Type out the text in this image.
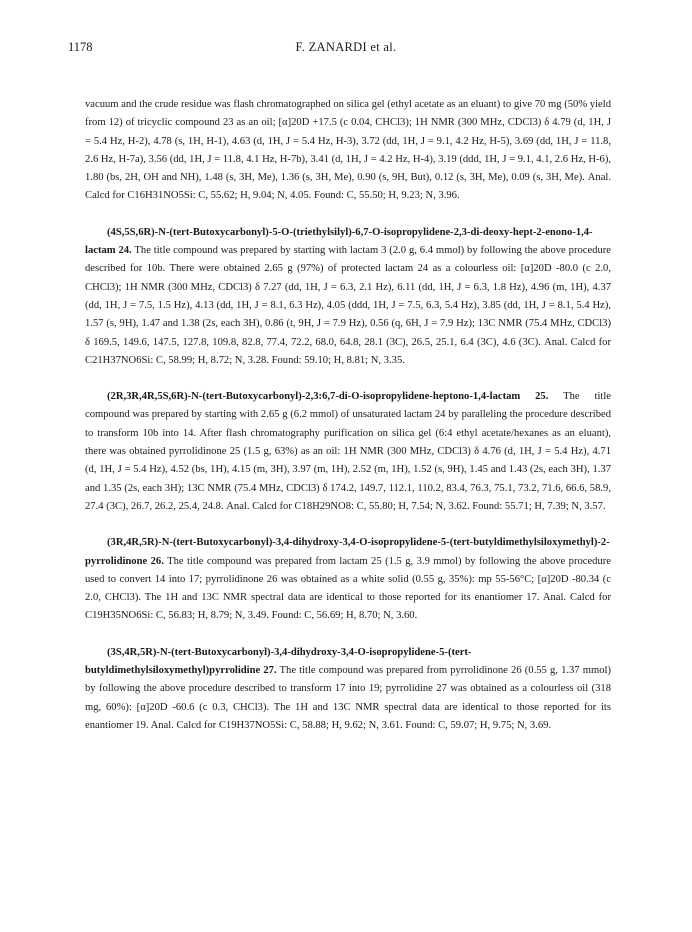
1178	F. ZANARDI et al.

vacuum and the crude residue was flash chromatographed on silica gel (ethyl acetate as an eluant) to give 70 mg (50% yield from 12) of tricyclic compound 23 as an oil; [α]20D +17.5 (c 0.04, CHCl3); 1H NMR (300 MHz, CDCl3) δ 4.79 (d, 1H, J = 5.4 Hz, H-2), 4.78 (s, 1H, H-1), 4.63 (d, 1H, J = 5.4 Hz, H-3), 3.72 (dd, 1H, J = 9.1, 4.2 Hz, H-5), 3.69 (dd, 1H, J = 11.8, 2.6 Hz, H-7a), 3.56 (dd, 1H, J = 11.8, 4.1 Hz, H-7b), 3.41 (d, 1H, J = 4.2 Hz, H-4), 3.19 (ddd, 1H, J = 9.1, 4.1, 2.6 Hz, H-6), 1.80 (bs, 2H, OH and NH), 1.48 (s, 3H, Me), 1.36 (s, 3H, Me), 0.90 (s, 9H, But), 0.12 (s, 3H, Me), 0.09 (s, 3H, Me). Anal. Calcd for C16H31NO5Si: C, 55.62; H, 9.04; N, 4.05. Found: C, 55.50; H, 9.23; N, 3.96.

(4S,5S,6R)-N-(tert-Butoxycarbonyl)-5-O-(triethylsilyl)-6,7-O-isopropylidene-2,3-di-deoxy-hept-2-enono-1,4-lactam 24. The title compound was prepared by starting with lactam 3 (2.0 g, 6.4 mmol) by following the above procedure described for 10b. There were obtained 2.65 g (97%) of protected lactam 24 as a colourless oil: [α]20D -80.0 (c 2.0, CHCl3); 1H NMR (300 MHz, CDCl3) δ 7.27 (dd, 1H, J = 6.3, 2.1 Hz), 6.11 (dd, 1H, J = 6.3, 1.8 Hz), 4.96 (m, 1H), 4.37 (dd, 1H, J = 7.5, 1.5 Hz), 4.13 (dd, 1H, J = 8.1, 6.3 Hz), 4.05 (ddd, 1H, J = 7.5, 6.3, 5.4 Hz), 3.85 (dd, 1H, J = 8.1, 5.4 Hz), 1.57 (s, 9H), 1.47 and 1.38 (2s, each 3H), 0.86 (t, 9H, J = 7.9 Hz), 0.56 (q, 6H, J = 7.9 Hz); 13C NMR (75.4 MHz, CDCl3) δ 169.5, 149.6, 147.5, 127.8, 109.8, 82.8, 77.4, 72.2, 68.0, 64.8, 28.1 (3C), 26.5, 25.1, 6.4 (3C), 4.6 (3C). Anal. Calcd for C21H37NO6Si: C, 58.99; H, 8.72; N, 3.28. Found: 59.10; H, 8.81; N, 3.35.

(2R,3R,4R,5S,6R)-N-(tert-Butoxycarbonyl)-2,3:6,7-di-O-isopropylidene-heptono-1,4-lactam 25. The title compound was prepared by starting with 2.65 g (6.2 mmol) of unsaturated lactam 24 by paralleling the procedure described to transform 10b into 14. After flash chromatography purification on silica gel (6:4 ethyl acetate/hexanes as an eluant), there was obtained pyrrolidinone 25 (1.5 g, 63%) as an oil: 1H NMR (300 MHz, CDCl3) δ 4.76 (d, 1H, J = 5.4 Hz), 4.71 (d, 1H, J = 5.4 Hz), 4.52 (bs, 1H), 4.15 (m, 3H), 3.97 (m, 1H), 2.52 (m, 1H), 1.52 (s, 9H), 1.45 and 1.43 (2s, each 3H), 1.37 and 1.35 (2s, each 3H); 13C NMR (75.4 MHz, CDCl3) δ 174.2, 149.7, 112.1, 110.2, 83.4, 76.3, 75.1, 73.2, 71.6, 66.6, 58.9, 27.4 (3C), 26.7, 26.2, 25.4, 24.8. Anal. Calcd for C18H29NO8: C, 55.80; H, 7.54; N, 3.62. Found: 55.71; H, 7.39; N, 3.57.

(3R,4R,5R)-N-(tert-Butoxycarbonyl)-3,4-dihydroxy-3,4-O-isopropylidene-5-(tert-butyldimethylsiloxymethyl)-2-pyrrolidinone 26. The title compound was prepared from lactam 25 (1.5 g, 3.9 mmol) by following the above procedure used to convert 14 into 17; pyrrolidinone 26 was obtained as a white solid (0.55 g, 35%): mp 55-56°C; [α]20D -80.34 (c 2.0, CHCl3). The 1H and 13C NMR spectral data are identical to those reported for its enantiomer 17. Anal. Calcd for C19H35NO6Si: C, 56.83; H, 8.79; N, 3.49. Found: C, 56.69; H, 8.70; N, 3.60.

(3S,4R,5R)-N-(tert-Butoxycarbonyl)-3,4-dihydroxy-3,4-O-isopropylidene-5-(tert-butyldimethylsiloxymethyl)pyrrolidine 27. The title compound was prepared from pyrrolidinone 26 (0.55 g, 1.37 mmol) by following the above procedure described to transform 17 into 19; pyrrolidine 27 was obtained as a colourless oil (318 mg, 60%): [α]20D -60.6 (c 0.3, CHCl3). The 1H and 13C NMR spectral data are identical to those reported for its enantiomer 19. Anal. Calcd for C19H37NO5Si: C, 58.88; H, 9.62; N, 3.61. Found: C, 59.07; H, 9.75; N, 3.69.
